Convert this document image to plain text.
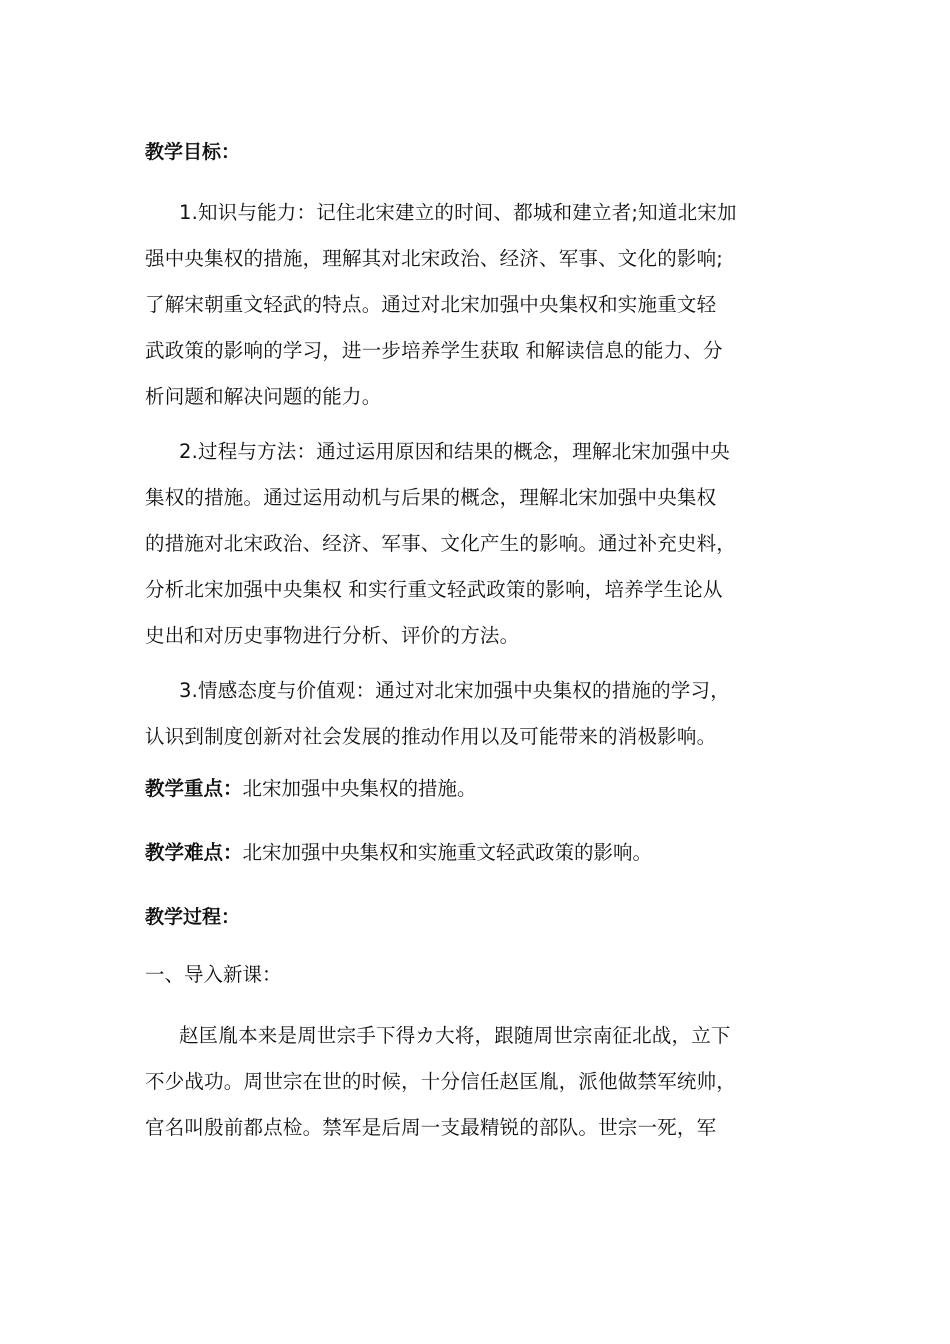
教学目标：
1.知识与能力：记住北宋建立的时间、都城和建立者;知道北宋加
强中央集权的措施，理解其对北宋政治、经济、军事、文化的影响;
了解宋朝重文轻武的特点。通过对北宋加强中央集权和实施重文轻
武政策的影响的学习，进一步培养学生获取 和解读信息的能力、分
析问题和解决问题的能力。
2.过程与方法：通过运用原因和结果的概念，理解北宋加强中央
集权的措施。通过运用动机与后果的概念，理解北宋加强中央集权
的措施对北宋政治、经济、军事、文化产生的影响。通过补充史料，
分析北宋加强中央集权 和实行重文轻武政策的影响，培养学生论从
史出和对历史事物进行分析、评价的方法。
3.情感态度与价值观：通过对北宋加强中央集权的措施的学习，
认识到制度创新对社会发展的推动作用以及可能带来的消极影响。
教学重点：北宋加强中央集权的措施。
教学难点：北宋加强中央集权和实施重文轻武政策的影响。
教学过程：
一、导入新课：
赵匡胤本来是周世宗手下得カ大将，跟随周世宗南征北战，立下
不少战功。周世宗在世的时候，十分信任赵匡胤，派他做禁军统帅，
官名叫殷前都点检。禁军是后周一支最精锐的部队。世宗一死，军
